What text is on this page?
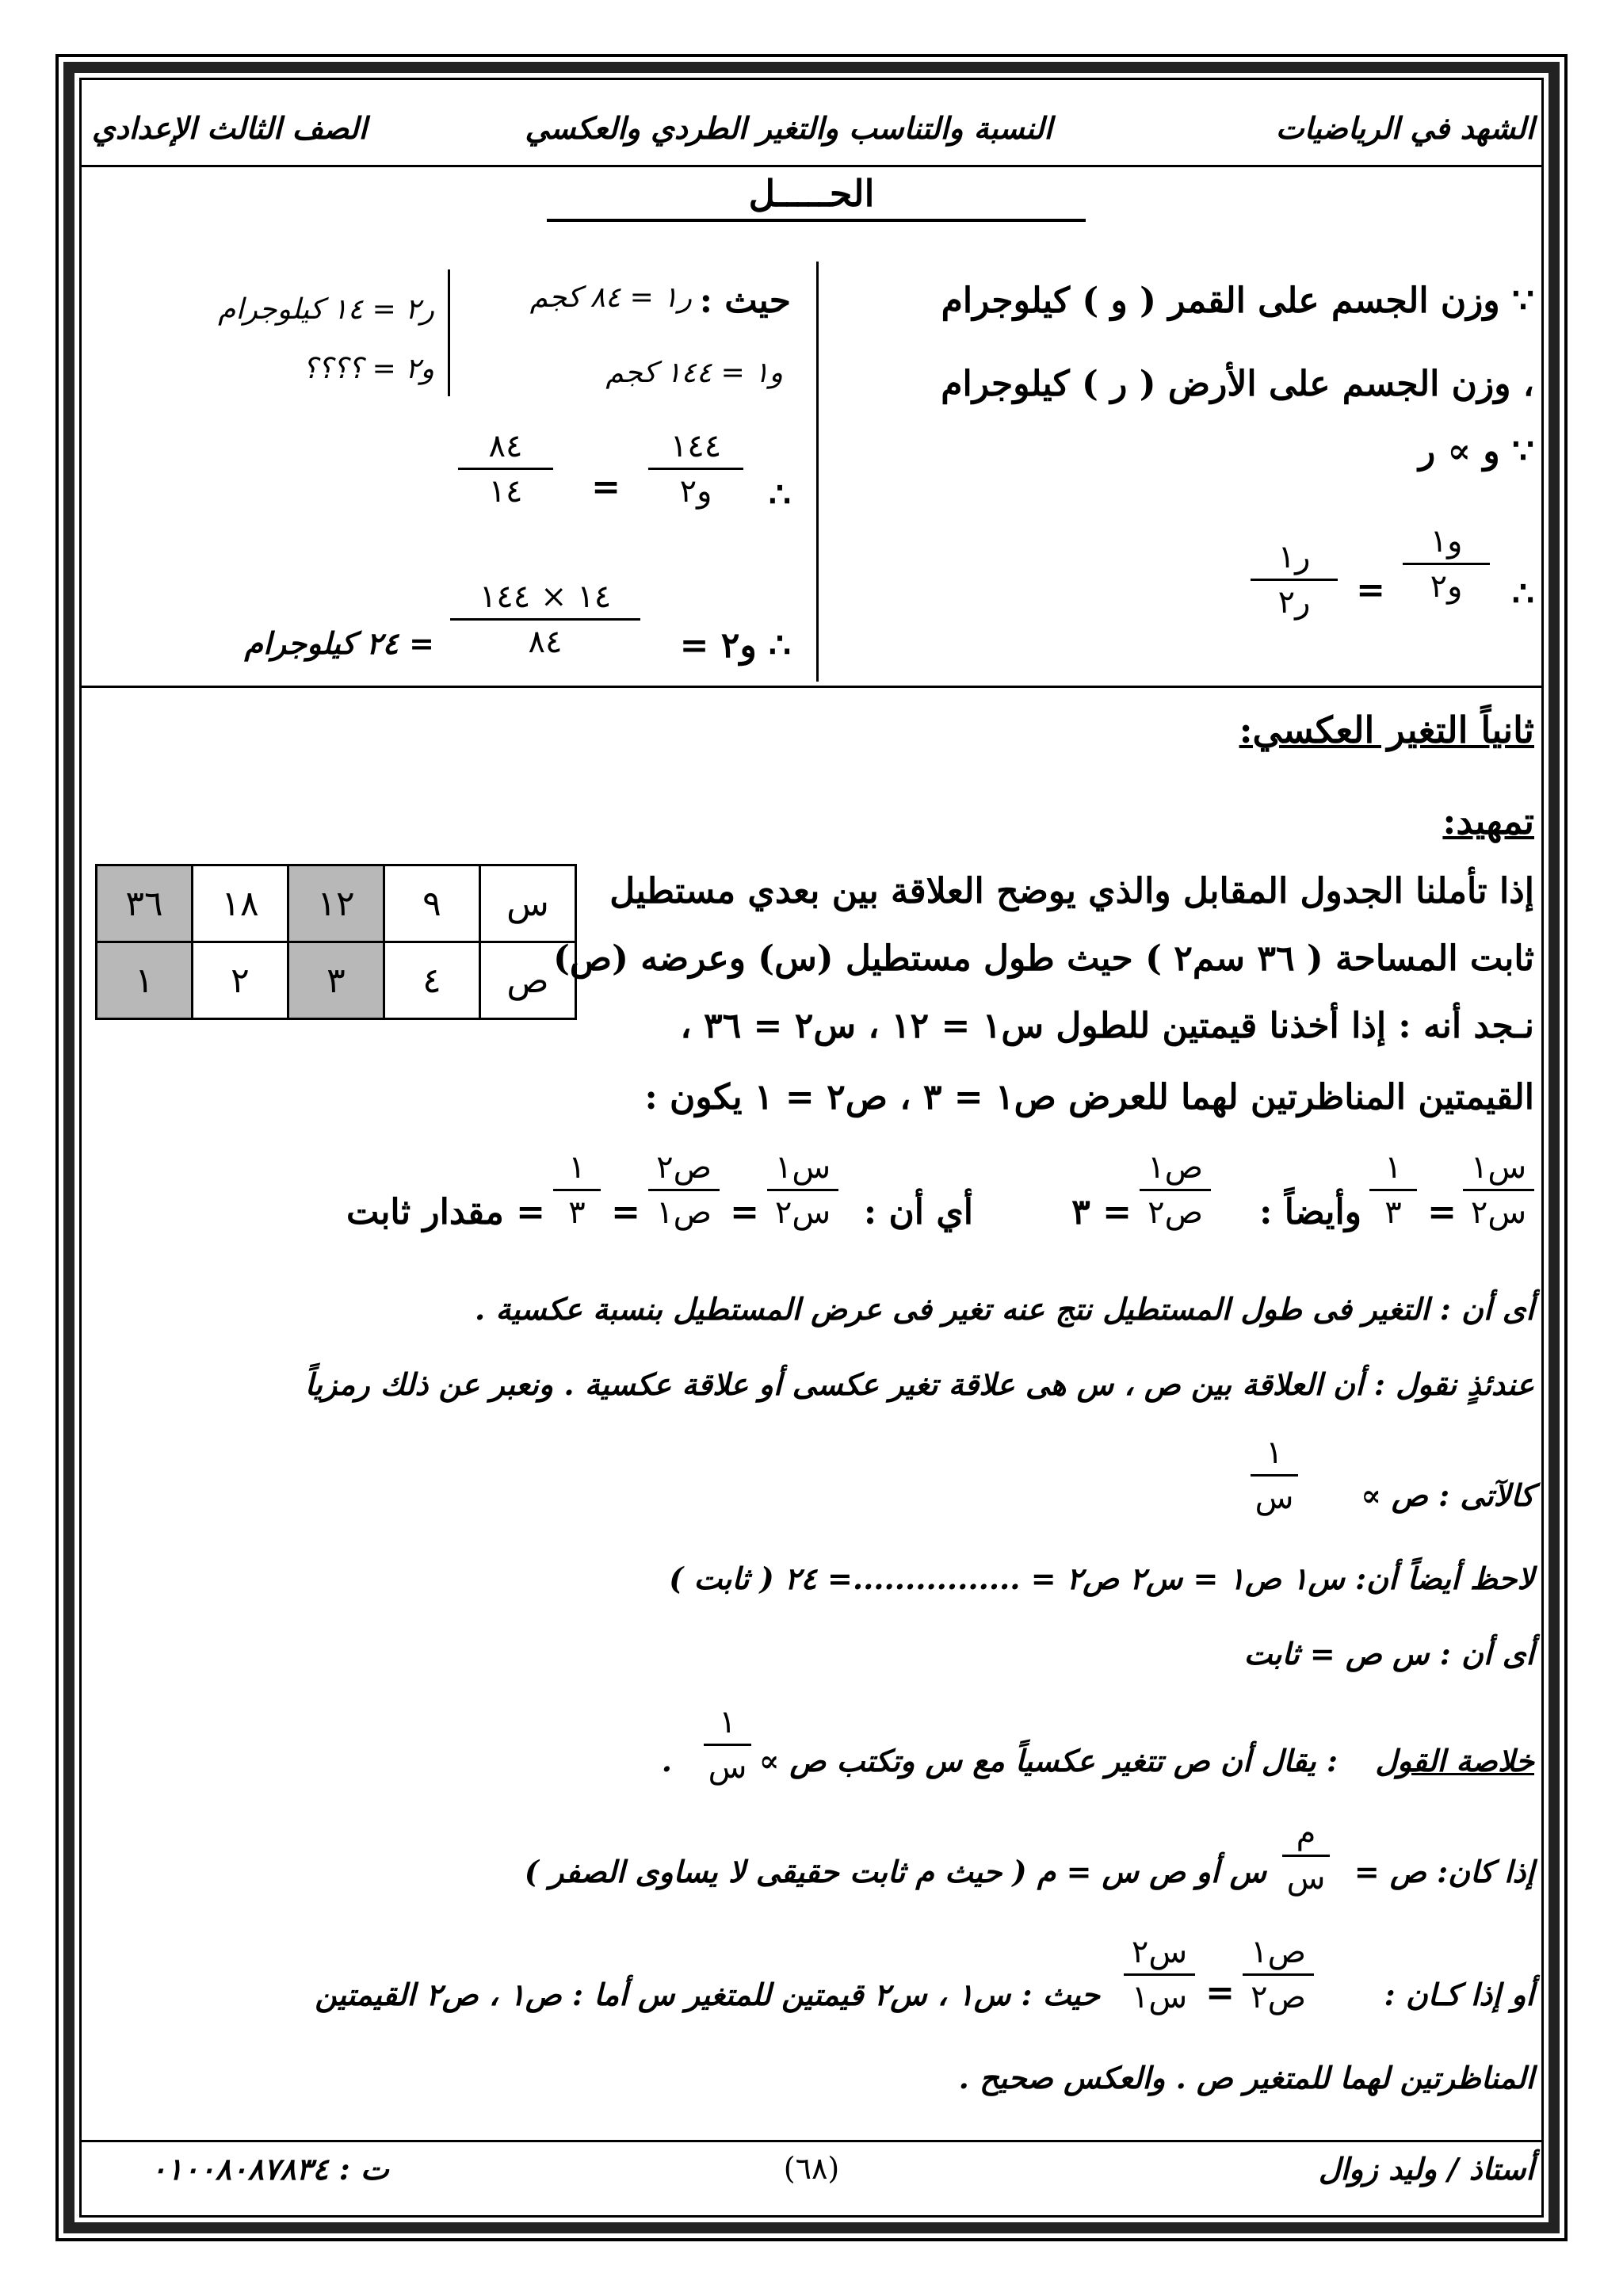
الشهد في الرياضيات
النسبة والتناسب والتغير الطردي والعكسي
الصف الثالث الإعدادي
الحـــــل
∵ وزن الجسم على القمر ( و ) كيلوجرام
، وزن الجسم على الأرض ( ر ) كيلوجرام
∵ و ∝ ر
∴
و١
و٢
=
ر١
ر٢
حيث :
ر١ = ٨٤ كجم
و١ = ١٤٤ كجم
ر٢ = ١٤ كيلوجرام
و٢ = ؟؟؟؟
∴
١٤٤
و٢
=
٨٤
١٤
∴ و٢ =
١٤ × ١٤٤
٨٤
= ٢٤ كيلوجرام
ثانياً التغير العكسي:
تمهيد:
إذا تأملنا الجدول المقابل والذي يوضح العلاقة بين بعدي مستطيل
ثابت المساحة ( ٣٦ سم٢ ) حيث طول مستطيل (س) وعرضه (ص)
نـجد أنه : إذا أخذنا قيمتين للطول س١ = ١٢ ، س٢ = ٣٦ ،
القيمتين المناظرتين لهما للعرض ص١ = ٣ ، ص٢ = ١ يكون :
س	٩	١٢	١٨	٣٦
ص	٤	٣	٢	١
س١
س٢
=
١
٣
وأيضاً :
ص١
ص٢
= ٣
أي أن :
س١
س٢
=
ص٢
ص١
=
١
٣
= مقدار ثابت
أى أن : التغير فى طول المستطيل نتج عنه تغير فى عرض المستطيل بنسبة عكسية .
عندئذٍ نقول : أن العلاقة بين ص ، س هى علاقة تغير عكسى أو علاقة عكسية . ونعبر عن ذلك رمزياً
كالآتى : ص ∝
١
س
لاحظ أيضاً أن: س١ ص١ = س٢ ص٢ = ................= ٢٤ ( ثابت )
أى أن : س ص = ثابت
خلاصة القول
: يقال أن ص تتغير عكسياً مع س وتكتب ص ∝
١
س
.
إذا كان: ص =
م
س
س أو ص س = م ( حيث م ثابت حقيقى لا يساوى الصفر )
أو إذا كـان :
ص١
ص٢
=
س٢
س١
حيث : س١ ، س٢ قيمتين للمتغير س أما : ص١ ، ص٢ القيمتين
المناظرتين لهما للمتغير ص . والعكس صحيح .
أستاذ / وليد زوال
(٦٨)
ت : ٠١٠٠٨٠٨٧٨٣٤
